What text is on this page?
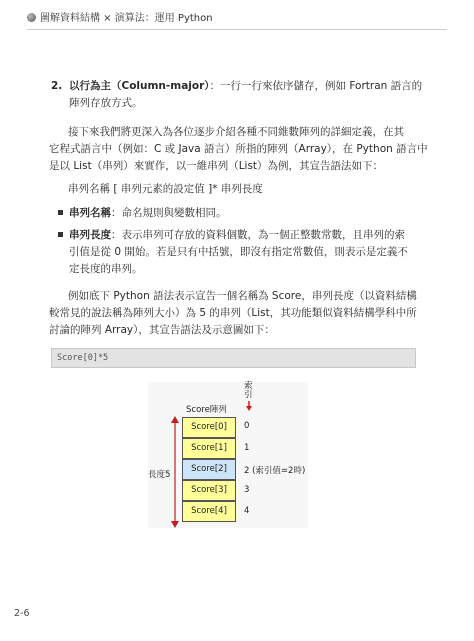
圖解資料結構 × 演算法：運用 Python
2. 以行為主（Column-major）：一行一行來依序儲存，例如 Fortran 語言的
陣列存放方式。
接下來我們將更深入為各位逐步介紹各種不同維數陣列的詳細定義，在其
它程式語言中（例如：C 或 Java 語言）所指的陣列（Array），在 Python 語言中
是以 List（串列）來實作，以一維串列（List）為例，其宣告語法如下：
串列名稱 [ 串列元素的設定值 ]* 串列長度
串列名稱：命名規則與變數相同。
串列長度：表示串列可存放的資料個數，為一個正整數常數，且串列的索
引值是從 0 開始。若是只有中括號，即沒有指定常數值，則表示是定義不
定長度的串列。
例如底下 Python 語法表示宣告一個名稱為 Score，串列長度（以資料結構
較常見的說法稱為陣列大小）為 5 的串列（List，其功能類似資料結構學科中所
討論的陣列 Array），其宣告語法及示意圖如下：
Score[0]*5
索引
Score陣列
長度5
Score[0]
Score[1]
Score[2]
Score[3]
Score[4]
0
1
2 (索引值=2時)
3
4
2-6
